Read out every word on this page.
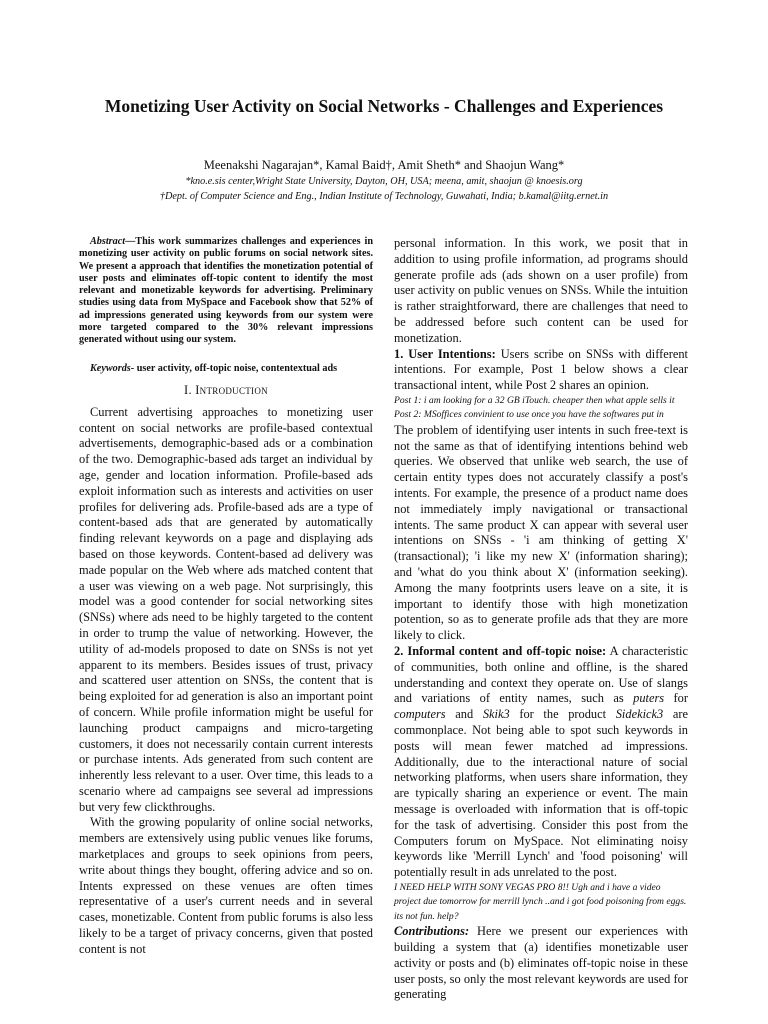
Monetizing User Activity on Social Networks - Challenges and Experiences
Meenakshi Nagarajan*, Kamal Baid†, Amit Sheth* and Shaojun Wang*
*kno.e.sis center,Wright State University, Dayton, OH, USA; meena, amit, shaojun @ knoesis.org
†Dept. of Computer Science and Eng., Indian Institute of Technology, Guwahati, India; b.kamal@iitg.ernet.in

Abstract—This work summarizes challenges and experiences in monetizing user activity on public forums on social network sites. We present a approach that identifies the monetization potential of user posts and eliminates off-topic content to identify the most relevant and monetizable keywords for advertising. Preliminary studies using data from MySpace and Facebook show that 52% of ad impressions generated using keywords from our system were more targeted compared to the 30% relevant impressions generated without using our system.

Keywords- user activity, off-topic noise, contentextual ads

I. Introduction

Current advertising approaches to monetizing user content on social networks are profile-based contextual advertisements, demographic-based ads or a combination of the two. Demographic-based ads target an individual by age, gender and location information. Profile-based ads exploit information such as interests and activities on user profiles for delivering ads. Profile-based ads are a type of content-based ads that are generated by automatically finding relevant keywords on a page and displaying ads based on those keywords. Content-based ad delivery was made popular on the Web where ads matched content that a user was viewing on a web page. Not surprisingly, this model was a good contender for social networking sites (SNSs) where ads need to be highly targeted to the content in order to trump the value of networking. However, the utility of ad-models proposed to date on SNSs is not yet apparent to its members. Besides issues of trust, privacy and scattered user attention on SNSs, the content that is being exploited for ad generation is also an important point of concern. While profile information might be useful for launching product campaigns and micro-targeting customers, it does not necessarily contain current interests or purchase intents. Ads generated from such content are inherently less relevant to a user. Over time, this leads to a scenario where ad campaigns see several ad impressions but very few clickthroughs.

With the growing popularity of online social networks, members are extensively using public venues like forums, marketplaces and groups to seek opinions from peers, write about things they bought, offering advice and so on. Intents expressed on these venues are often times representative of a user's current needs and in several cases, monetizable. Content from public forums is also less likely to be a target of privacy concerns, given that posted content is not

personal information. In this work, we posit that in addition to using profile information, ad programs should generate profile ads (ads shown on a user profile) from user activity on public venues on SNSs. While the intuition is rather straightforward, there are challenges that need to be addressed before such content can be used for monetization.

1. User Intentions: Users scribe on SNSs with different intentions. For example, Post 1 below shows a clear transactional intent, while Post 2 shares an opinion.

Post 1: i am looking for a 32 GB iTouch. cheaper then what apple sells it

Post 2: MSoffices convinient to use once you have the softwares put in

The problem of identifying user intents in such free-text is not the same as that of identifying intentions behind web queries. We observed that unlike web search, the use of certain entity types does not accurately classify a post's intents. For example, the presence of a product name does not immediately imply navigational or transactional intents. The same product X can appear with several user intentions on SNSs - 'i am thinking of getting X' (transactional); 'i like my new X' (information sharing); and 'what do you think about X' (information seeking). Among the many footprints users leave on a site, it is important to identify those with high monetization potention, so as to generate profile ads that they are more likely to click.

2. Informal content and off-topic noise: A characteristic of communities, both online and offline, is the shared understanding and context they operate on. Use of slangs and variations of entity names, such as puters for computers and Skik3 for the product Sidekick3 are commonplace. Not being able to spot such keywords in posts will mean fewer matched ad impressions. Additionally, due to the interactional nature of social networking platforms, when users share information, they are typically sharing an experience or event. The main message is overloaded with information that is off-topic for the task of advertising. Consider this post from the Computers forum on MySpace. Not eliminating noisy keywords like 'Merrill Lynch' and 'food poisoning' will potentially result in ads unrelated to the post.

I NEED HELP WITH SONY VEGAS PRO 8!! Ugh and i have a video project due tomorrow for merrill lynch ..and i got food poisoning from eggs. its not fun. help?

Contributions: Here we present our experiences with building a system that (a) identifies monetizable user activity or posts and (b) eliminates off-topic noise in these user posts, so only the most relevant keywords are used for generating
